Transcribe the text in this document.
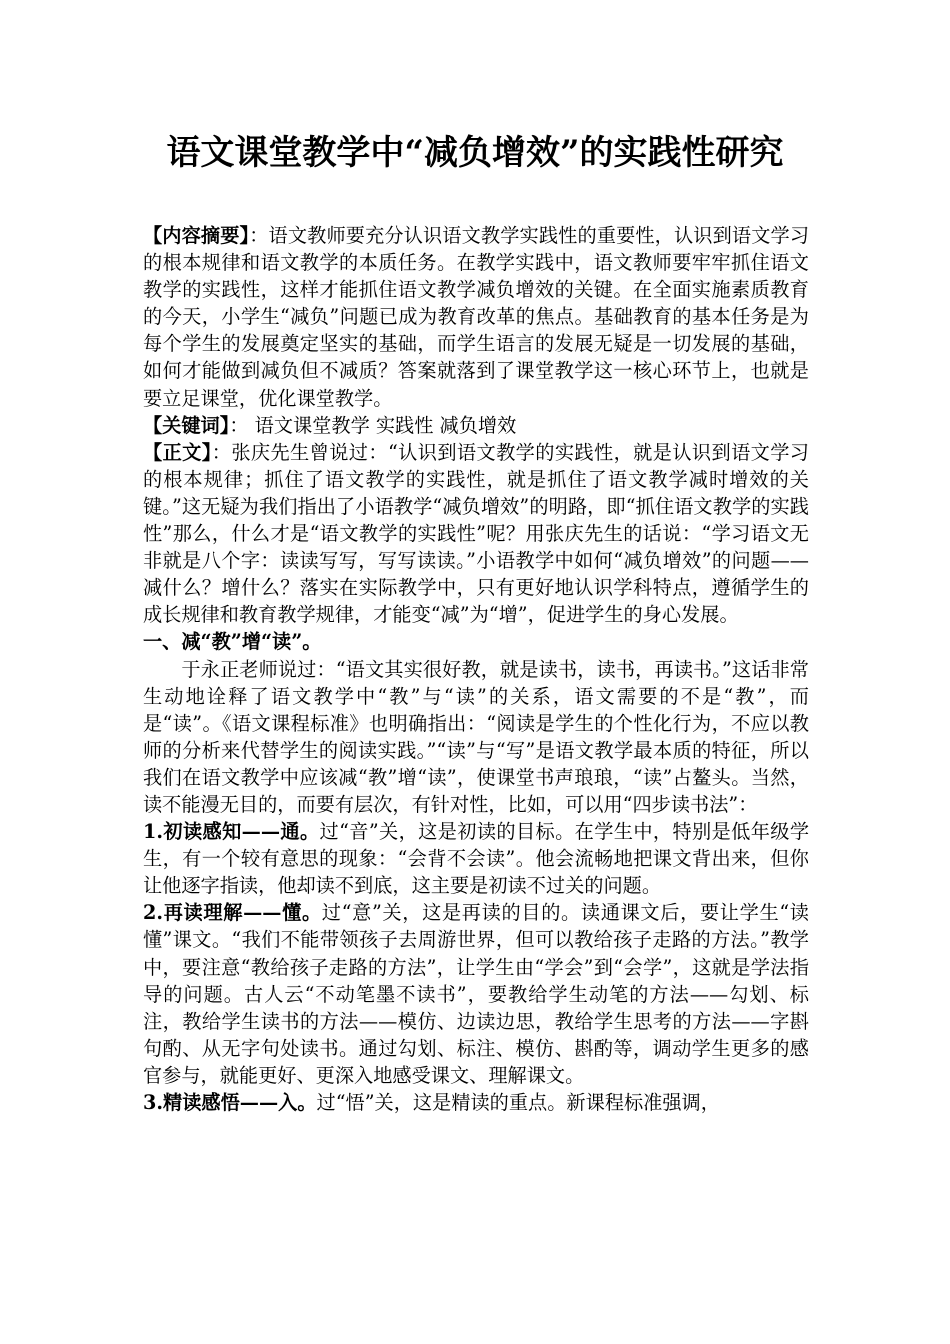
语文课堂教学中“减负增效”的实践性研究

【内容摘要】：语文教师要充分认识语文教学实践性的重要性，认识到语文学习的根本规律和语文教学的本质任务。在教学实践中，语文教师要牢牢抓住语文教学的实践性，这样才能抓住语文教学减负增效的关键。在全面实施素质教育的今天，小学生“减负”问题已成为教育改革的焦点。基础教育的基本任务是为每个学生的发展奠定坚实的基础，而学生语言的发展无疑是一切发展的基础，如何才能做到减负但不减质？答案就落到了课堂教学这一核心环节上，也就是要立足课堂，优化课堂教学。

【关键词】： 语文课堂教学 实践性 减负增效

【正文】：张庆先生曾说过：“认识到语文教学的实践性，就是认识到语文学习的根本规律；抓住了语文教学的实践性，就是抓住了语文教学减时增效的关键。”这无疑为我们指出了小语教学“减负增效”的明路，即“抓住语文教学的实践性”那么，什么才是“语文教学的实践性”呢？用张庆先生的话说：“学习语文无非就是八个字：读读写写，写写读读。”小语教学中如何“减负增效”的问题——减什么？增什么？落实在实际教学中，只有更好地认识学科特点，遵循学生的成长规律和教育教学规律，才能变“减”为“增”，促进学生的身心发展。

一、减“教”增“读”。

于永正老师说过：“语文其实很好教，就是读书，读书，再读书。”这话非常生动地诠释了语文教学中“教”与“读”的关系，语文需要的不是“教”，而是“读”。《语文课程标准》也明确指出：“阅读是学生的个性化行为，不应以教师的分析来代替学生的阅读实践。”“读”与“写”是语文教学最本质的特征，所以我们在语文教学中应该减“教”增“读”，使课堂书声琅琅，“读”占鳌头。当然，读不能漫无目的，而要有层次，有针对性，比如，可以用“四步读书法”：

1.初读感知——通。过“音”关，这是初读的目标。在学生中，特别是低年级学生，有一个较有意思的现象：“会背不会读”。他会流畅地把课文背出来，但你让他逐字指读，他却读不到底，这主要是初读不过关的问题。

2.再读理解——懂。过“意”关，这是再读的目的。读通课文后，要让学生“读懂”课文。“我们不能带领孩子去周游世界，但可以教给孩子走路的方法。”教学中，要注意“教给孩子走路的方法”，让学生由“学会”到“会学”，这就是学法指导的问题。古人云“不动笔墨不读书”，要教给学生动笔的方法——勾划、标注，教给学生读书的方法——模仿、边读边思，教给学生思考的方法——字斟句酌、从无字句处读书。通过勾划、标注、模仿、斟酌等，调动学生更多的感官参与，就能更好、更深入地感受课文、理解课文。

3.精读感悟——入。过“悟”关，这是精读的重点。新课程标准强调，
